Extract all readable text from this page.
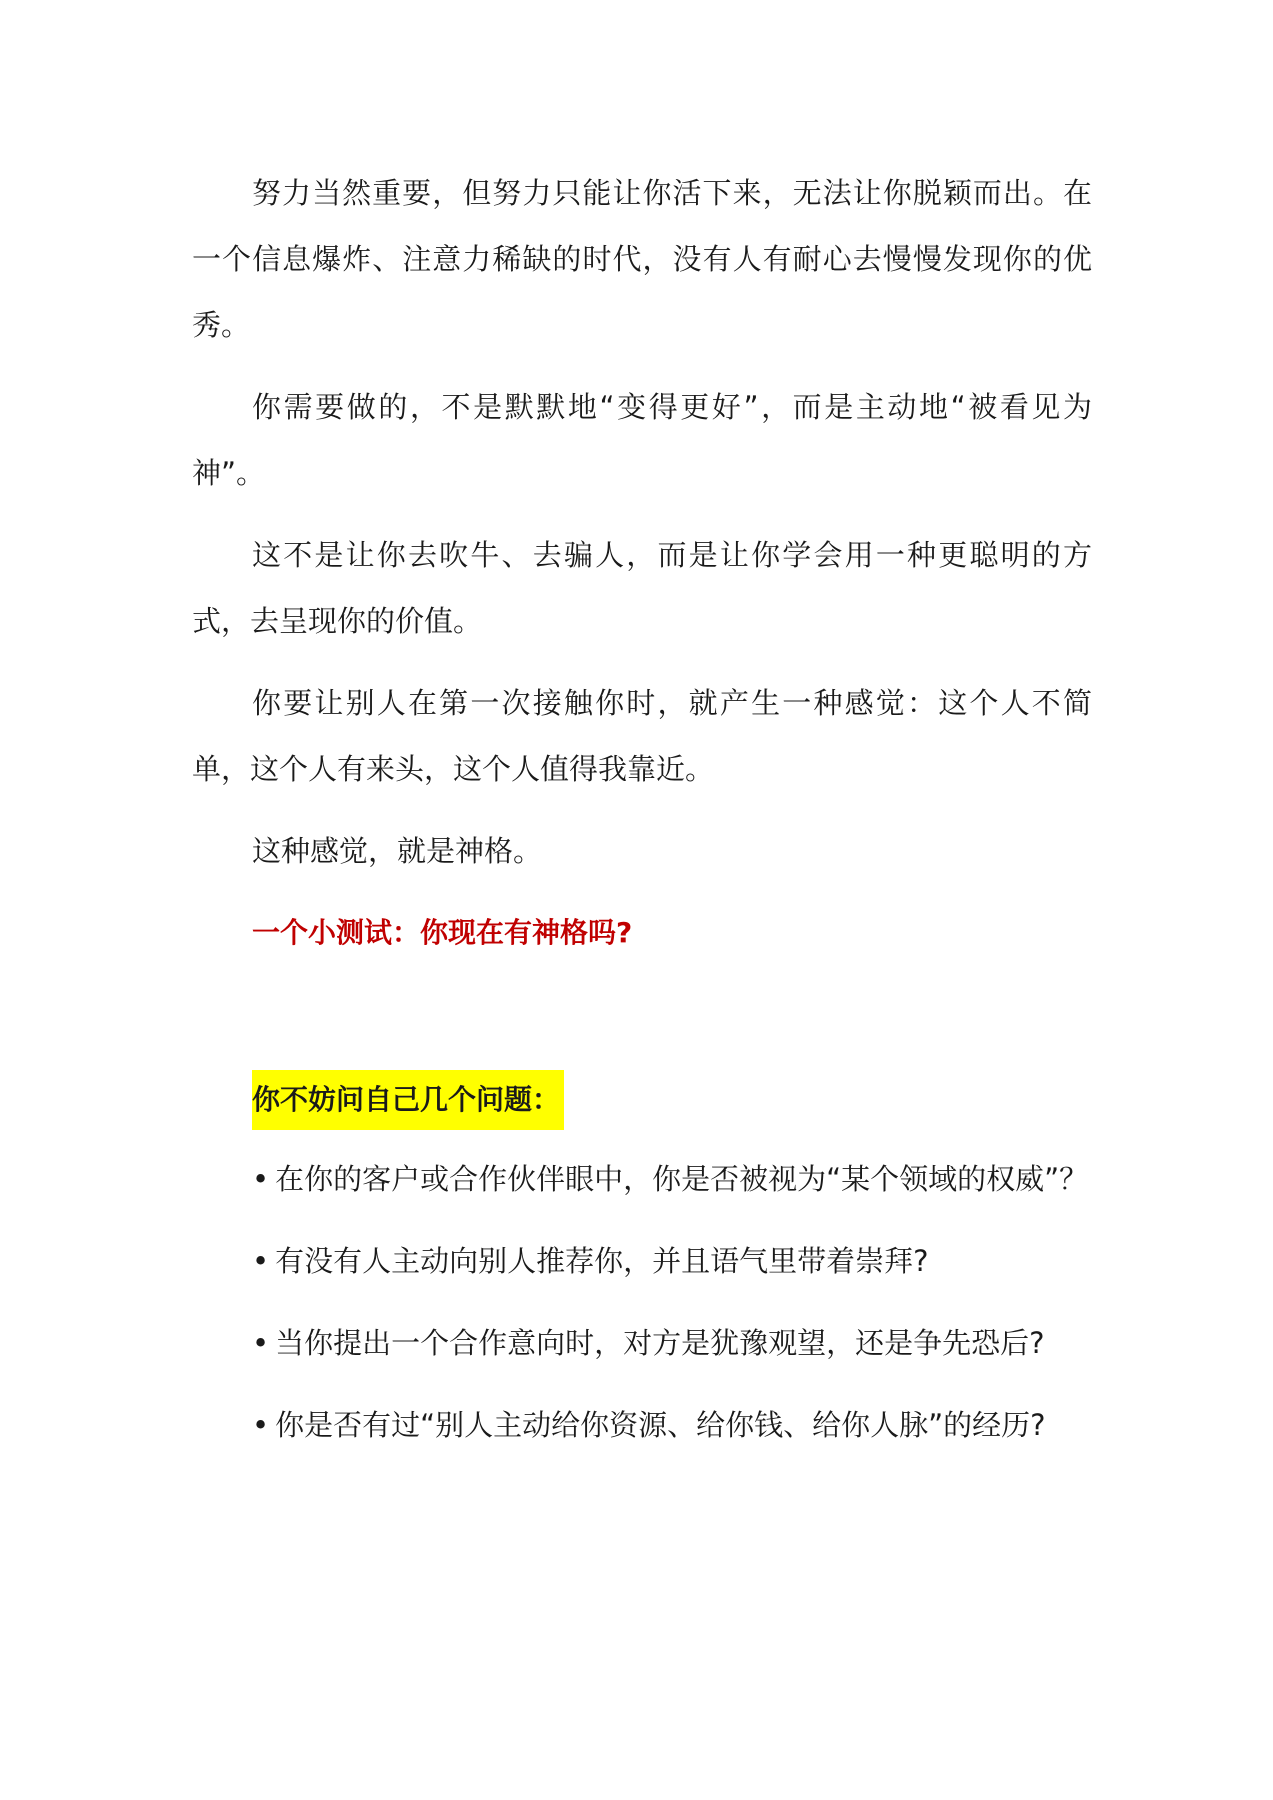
努力当然重要，但努力只能让你活下来，无法让你脱颖而出。在一个信息爆炸、注意力稀缺的时代，没有人有耐心去慢慢发现你的优秀。

你需要做的，不是默默地“变得更好”，而是主动地“被看见为神”。

这不是让你去吹牛、去骗人，而是让你学会用一种更聪明的方式，去呈现你的价值。

你要让别人在第一次接触你时，就产生一种感觉：这个人不简单，这个人有来头，这个人值得我靠近。

这种感觉，就是神格。

一个小测试：你现在有神格吗?
你不妨问自己几个问题：

• 在你的客户或合作伙伴眼中，你是否被视为“某个领域的权威”？

• 有没有人主动向别人推荐你，并且语气里带着崇拜?

• 当你提出一个合作意向时，对方是犹豫观望，还是争先恐后?

• 你是否有过“别人主动给你资源、给你钱、给你人脉”的经历?
